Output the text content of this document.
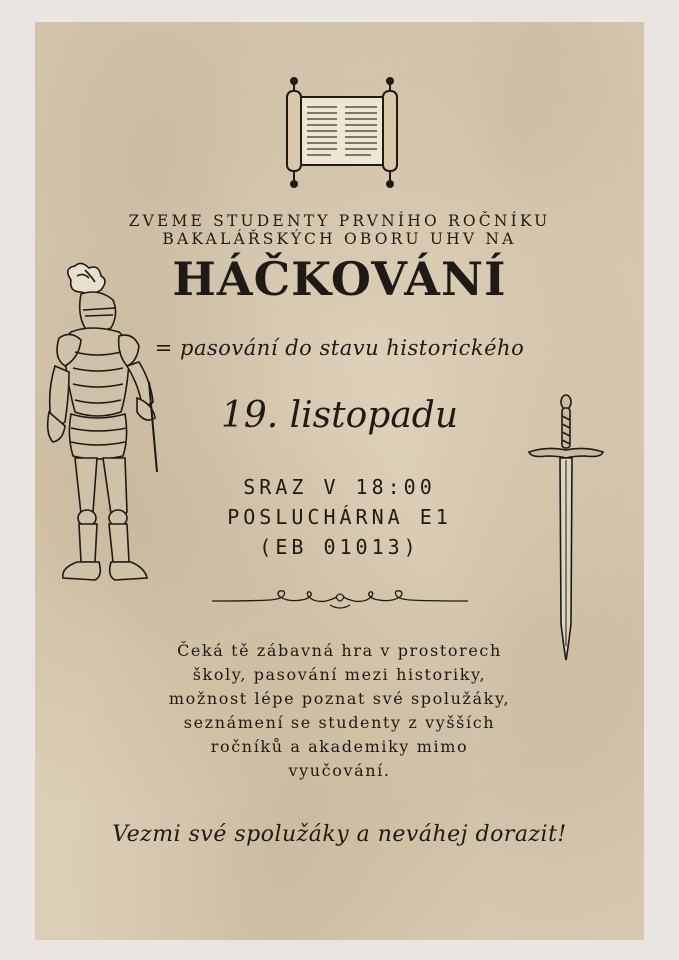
ZVEME STUDENTY PRVNÍHO ROČNÍKU
BAKALÁŘSKÝCH OBORU UHV NA
HÁČKOVÁNÍ
= pasování do stavu historického
19. listopadu
SRAZ V 18:00
POSLUCHÁRNA E1
(EB 01013)
Čeká tě zábavná hra v prostorech
školy, pasování mezi historiky,
možnost lépe poznat své spolužáky,
seznámení se studenty z vyšších
ročníků a akademiky mimo
vyučování.
Vezmi své spolužáky a neváhej dorazit!
